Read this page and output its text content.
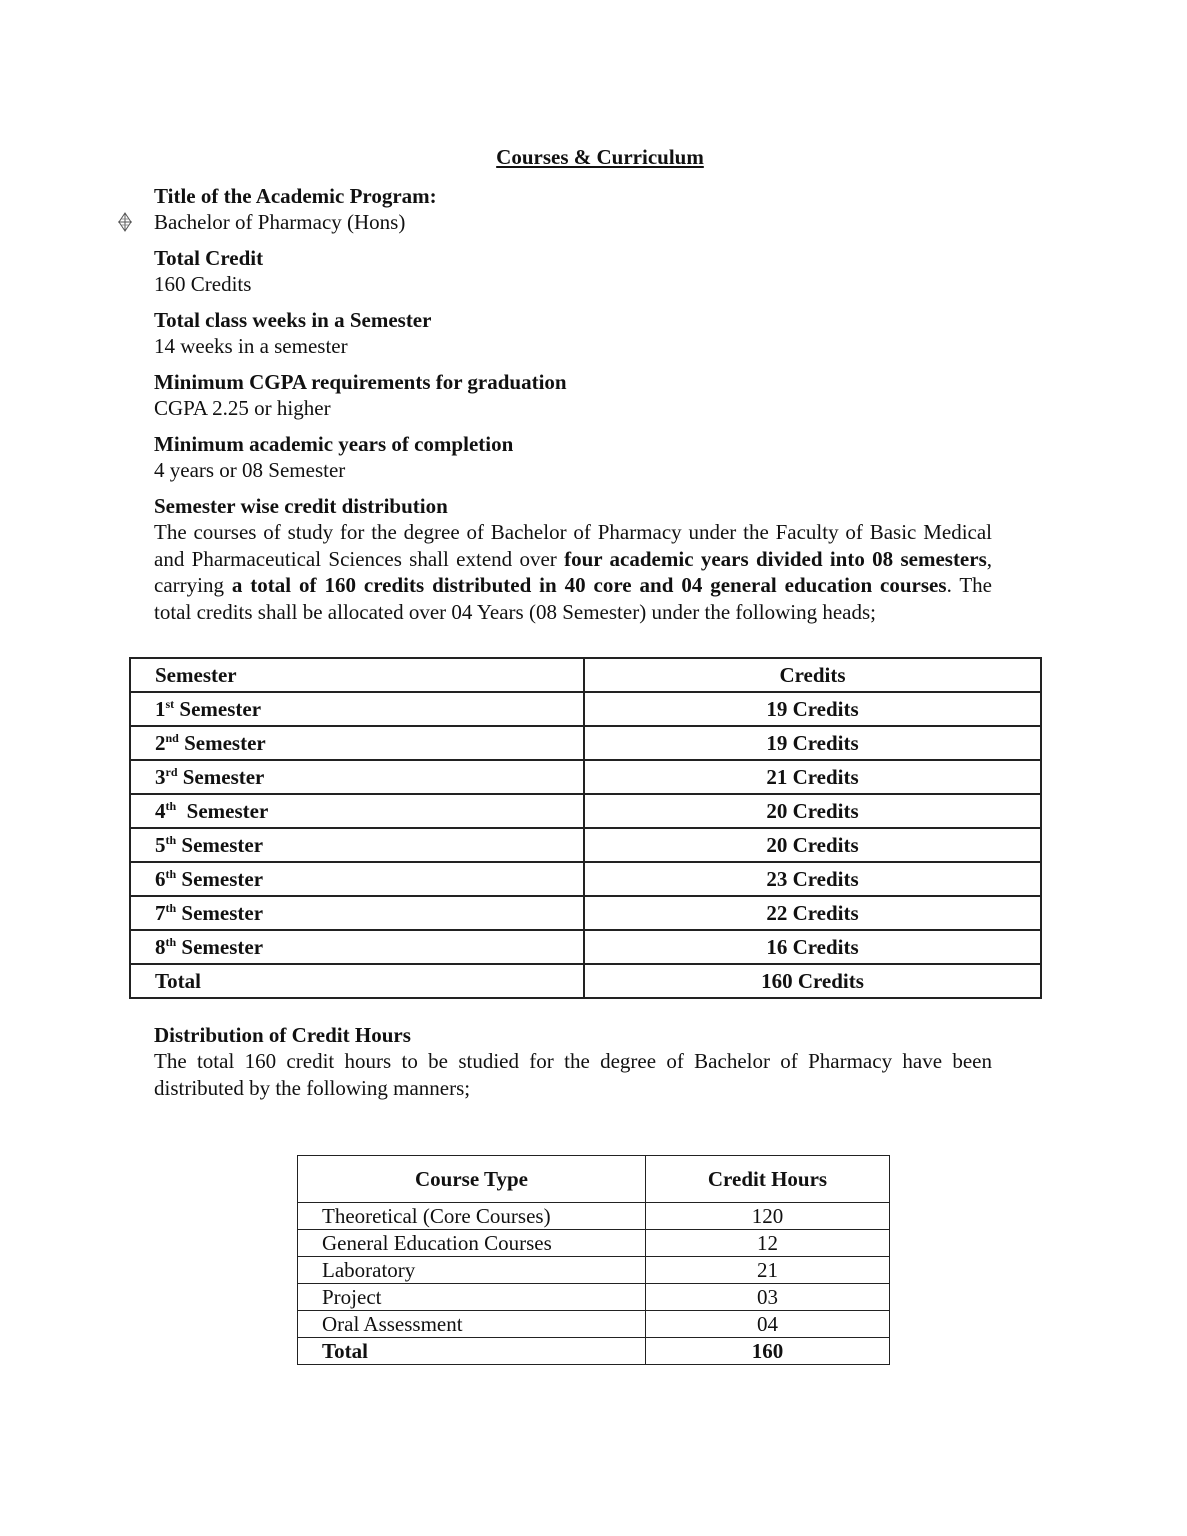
Courses & Curriculum
Title of the Academic Program:
Bachelor of Pharmacy (Hons)
Total Credit
160 Credits
Total class weeks in a Semester
14 weeks in a semester
Minimum CGPA requirements for graduation
CGPA 2.25 or higher
Minimum academic years of completion
4 years or 08 Semester
Semester wise credit distribution
The courses of study for the degree of Bachelor of Pharmacy under the Faculty of Basic Medical and Pharmaceutical Sciences shall extend over four academic years divided into 08 semesters, carrying a total of 160 credits distributed in 40 core and 04 general education courses. The total credits shall be allocated over 04 Years (08 Semester) under the following heads;
Semester	Credits
1st Semester	19 Credits
2nd Semester	19 Credits
3rd Semester	21 Credits
4th Semester	20 Credits
5th Semester	20 Credits
6th Semester	23 Credits
7th Semester	22 Credits
8th Semester	16 Credits
Total	160 Credits
Distribution of Credit Hours
The total 160 credit hours to be studied for the degree of Bachelor of Pharmacy have been distributed by the following manners;
Course Type	Credit Hours
Theoretical (Core Courses)	120
General Education Courses	12
Laboratory	21
Project	03
Oral Assessment	04
Total	160
